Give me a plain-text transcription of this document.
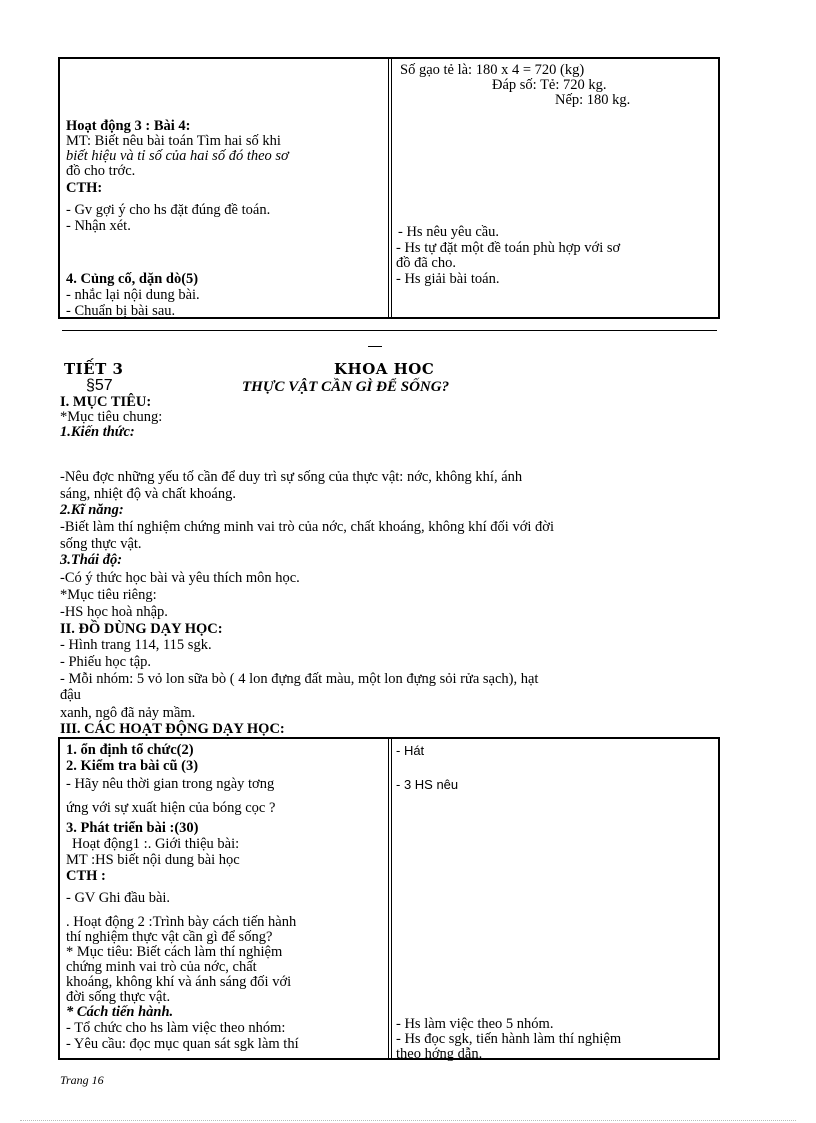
Hoạt động 3 : Bài 4:
MT: Biết nêu bài toán Tìm hai số khi
biết hiệu và tỉ số của hai số đó theo sơ
đồ cho trớc.
CTH:
- Gv gợi ý cho hs đặt đúng đề toán.
- Nhận xét.
4. Củng cố, dặn dò(5)
- nhắc lại nội dung bài.
- Chuẩn bị bài sau.
Số gạo tẻ là: 180 x 4 = 720 (kg)
Đáp số: Tẻ: 720 kg.
Nếp: 180 kg.
- Hs nêu yêu cầu.
- Hs tự đặt một đề toán phù hợp với sơ
đồ đã cho.
- Hs giải bài toán.
TIẾT 3
§57
KHOA HOC
THỰC VẬT CẦN GÌ ĐỂ SỐNG?
I. MỤC TIÊU:
*Mục tiêu chung:
1.Kiến thức:
-Nêu đợc những yếu tố cần để duy trì sự sống của thực vật: nớc, không khí, ánh
sáng, nhiệt độ và chất khoáng.
2.Kĩ năng:
-Biết làm thí nghiệm chứng minh vai trò của nớc, chất khoáng, không khí đối với đời
sống thực vật.
3.Thái độ:
-Có ý thức học bài và yêu thích môn học.
*Mục tiêu riêng:
-HS học hoà nhập.
II. ĐỒ DÙNG DẠY HỌC:
- Hình trang 114, 115 sgk.
- Phiếu học tập.
- Mỗi nhóm: 5 vỏ lon sữa bò ( 4 lon đựng đất màu, một lon đựng sỏi rửa sạch), hạt
đậu
xanh, ngô đã nảy mầm.
III. CÁC HOẠT ĐỘNG DẠY HỌC:
1. ổn định tổ chức(2)
2. Kiểm tra bài cũ (3)
- Hãy nêu thời gian trong ngày tơng
ứng với sự xuất hiện của bóng cọc ?
3. Phát triển bài :(30)
Hoạt động1 :. Giới thiệu bài:
MT :HS biết nội dung bài học
CTH :
- GV Ghi đầu bài.
. Hoạt động 2 :Trình bày cách tiến hành
thí nghiệm thực vật cần gì để sống?
* Mục tiêu: Biết cách làm thí nghiệm
chứng minh vai trò của nớc, chất
khoáng, không khí và ánh sáng đối với
đời sống thực vật.
* Cách tiến hành.
- Tổ chức cho hs làm việc theo nhóm:
- Yêu cầu: đọc mục quan sát sgk làm thí
- Hát
- 3 HS nêu
- Hs làm việc theo 5 nhóm.
- Hs đọc sgk, tiến hành làm thí nghiệm
theo hớng dẫn.
Trang 16
